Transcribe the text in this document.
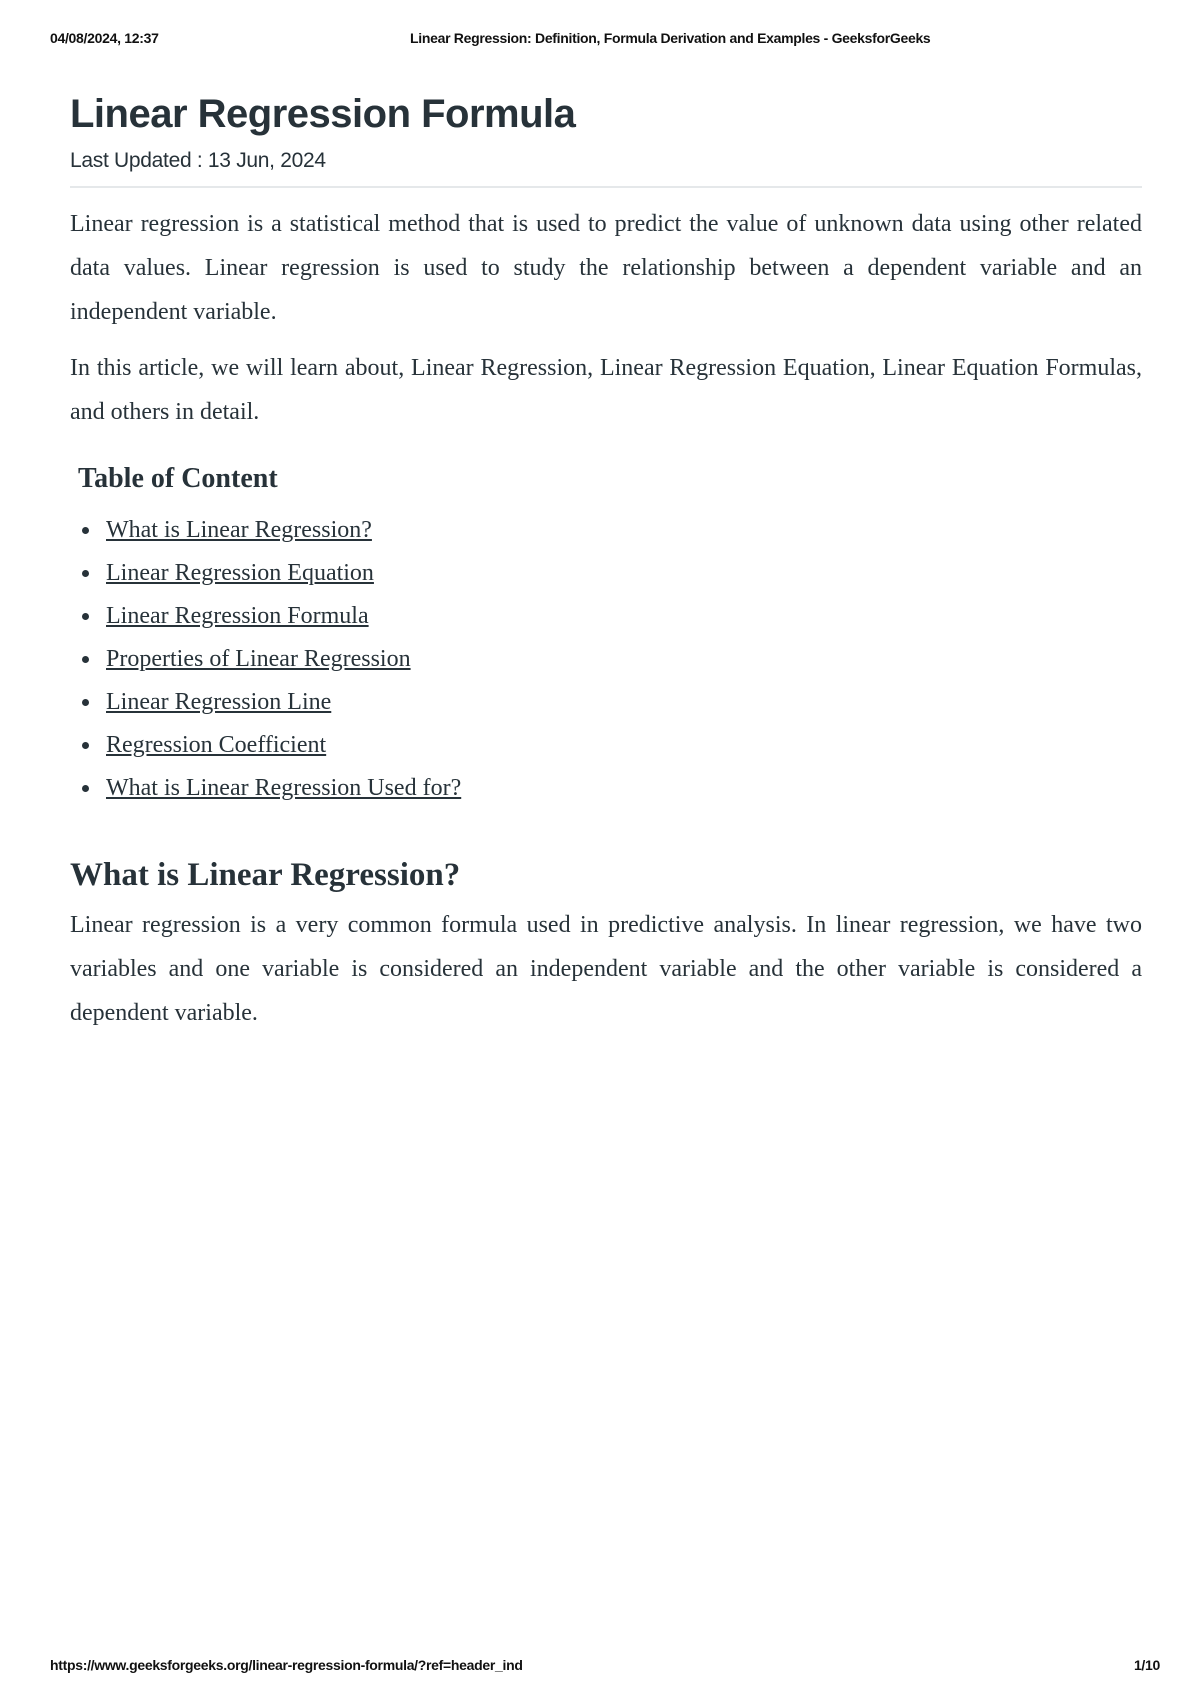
04/08/2024, 12:37	Linear Regression: Definition, Formula Derivation and Examples - GeeksforGeeks
Linear Regression Formula
Last Updated : 13 Jun, 2024

Linear regression is a statistical method that is used to predict the value of unknown data using other related data values. Linear regression is used to study the relationship between a dependent variable and an independent variable.

In this article, we will learn about, Linear Regression, Linear Regression Equation, Linear Equation Formulas, and others in detail.

Table of Content
What is Linear Regression?
Linear Regression Equation
Linear Regression Formula
Properties of Linear Regression
Linear Regression Line
Regression Coefficient
What is Linear Regression Used for?
What is Linear Regression?

Linear regression is a very common formula used in predictive analysis. In linear regression, we have two variables and one variable is considered an independent variable and the other variable is considered a dependent variable.

https://www.geeksforgeeks.org/linear-regression-formula/?ref=header_ind	1/10
